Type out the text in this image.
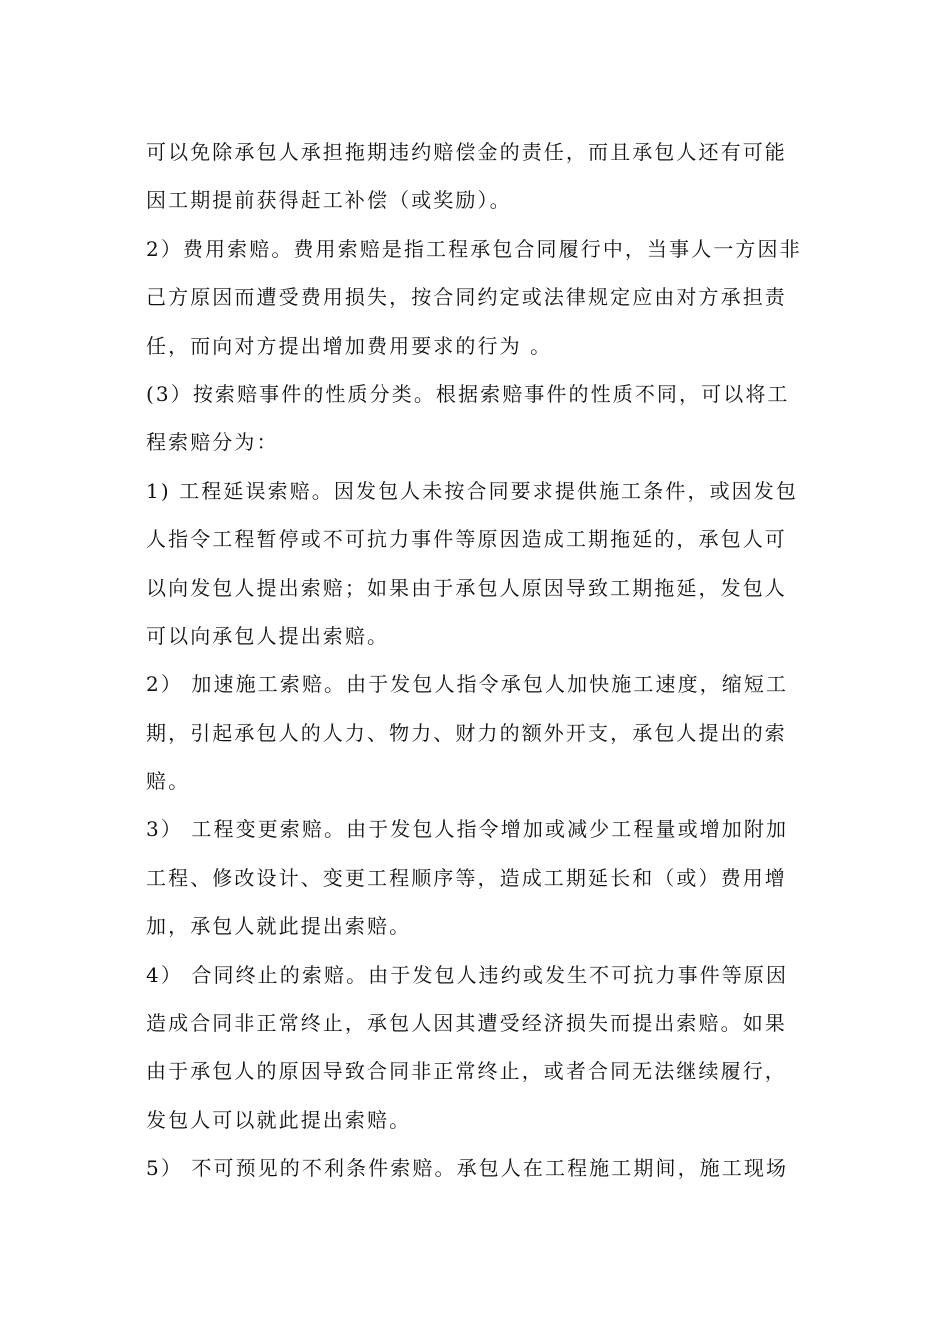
可以免除承包人承担拖期违约赔偿金的责任，而且承包人还有可能
因工期提前获得赶工补偿（或奖励）。
2）费用索赔。费用索赔是指工程承包合同履行中，当事人一方因非
己方原因而遭受费用损失，按合同约定或法律规定应由对方承担责
任，而向对方提出增加费用要求的行为 。
(3）按索赔事件的性质分类。根据索赔事件的性质不同，可以将工
程索赔分为：
1) 工程延误索赔。因发包人未按合同要求提供施工条件，或因发包
人指令工程暂停或不可抗力事件等原因造成工期拖延的，承包人可
以向发包人提出索赔；如果由于承包人原因导致工期拖延，发包人
可以向承包人提出索赔。
2） 加速施工索赔。由于发包人指令承包人加快施工速度，缩短工
期，引起承包人的人力、物力、财力的额外开支，承包人提出的索
赔。
3） 工程变更索赔。由于发包人指令增加或减少工程量或增加附加
工程、修改设计、变更工程顺序等，造成工期延长和（或）费用增
加，承包人就此提出索赔。
4） 合同终止的索赔。由于发包人违约或发生不可抗力事件等原因
造成合同非正常终止，承包人因其遭受经济损失而提出索赔。如果
由于承包人的原因导致合同非正常终止，或者合同无法继续履行，
发包人可以就此提出索赔。
5） 不可预见的不利条件索赔。承包人在工程施工期间，施工现场
